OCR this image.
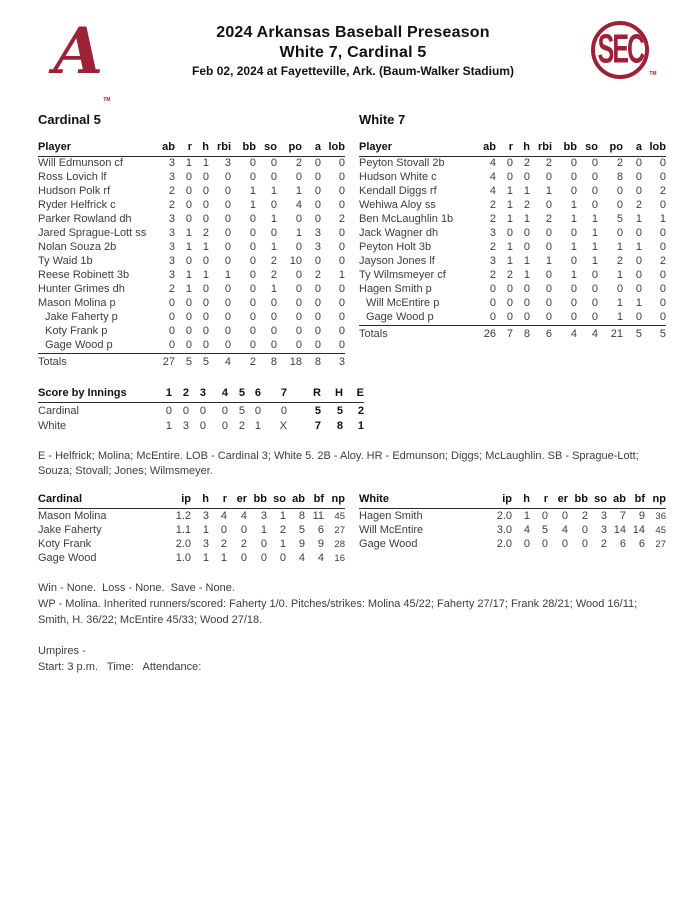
$A_{TM}$
2024 Arkansas Baseball Preseason
White 7, Cardinal 5
Feb 02, 2024 at Fayetteville, Ark. (Baum-Walker Stadium)	SEC
TM
Cardinal 5
Player	ab	r	h	rbi	bb	so	po	a	lob
Will Edmunson cf	3	1	1	3	0	0	2	0	0
Ross Lovich lf	3	0	0	0	0	0	0	0	0
Hudson Polk rf	2	0	0	0	1	1	1	0	0
Ryder Helfrick c	2	0	0	0	1	0	4	0	0
Parker Rowland dh	3	0	0	0	0	1	0	0	2
Jared Sprague-Lott ss	3	1	2	0	0	0	1	3	0
Nolan Souza 2b	3	1	1	0	0	1	0	3	0
Ty Waid 1b	3	0	0	0	0	2	10	0	0
Reese Robinett 3b	3	1	1	1	0	2	0	2	1
Hunter Grimes dh	2	1	0	0	0	1	0	0	0
Mason Molina p	0	0	0	0	0	0	0	0	0
Jake Faherty p	0	0	0	0	0	0	0	0	0
Koty Frank p	0	0	0	0	0	0	0	0	0
Gage Wood p	0	0	0	0	0	0	0	0	0
Totals	27	5	5	4	2	8	18	8	3
White 7
Player	ab	r	h	rbi	bb	so	po	a	lob
Peyton Stovall 2b	4	0	2	2	0	0	2	0	0
Hudson White c	4	0	0	0	0	0	8	0	0
Kendall Diggs rf	4	1	1	1	0	0	0	0	2
Wehiwa Aloy ss	2	1	2	0	1	0	0	2	0
Ben McLaughlin 1b	2	1	1	2	1	1	5	1	1
Jack Wagner dh	3	0	0	0	0	1	0	0	0
Peyton Holt 3b	2	1	0	0	1	1	1	1	0
Jayson Jones lf	3	1	1	1	0	1	2	0	2
Ty Wilmsmeyer cf	2	2	1	0	1	0	1	0	0
Hagen Smith p	0	0	0	0	0	0	0	0	0
Will McEntire p	0	0	0	0	0	0	1	1	0
Gage Wood p	0	0	0	0	0	0	1	0	0
Totals	26	7	8	6	4	4	21	5	5
Score by Innings	1	2	3	4	5	6	7	R	H	E
Cardinal	0	0	0	0	5	0	0	5	5	2
White	1	3	0	0	2	1	X	7	8	1

E - Helfrick; Molina; McEntire. LOB - Cardinal 3; White 5. 2B - Aloy. HR - Edmunson; Diggs; McLaughlin. SB - Sprague-Lott; Souza; Stovall; Jones; Wilmsmeyer.

Cardinal	ip	h	r	er	bb	so	ab	bf	np
Mason Molina	1.2	3	4	4	3	1	8	11	45
Jake Faherty	1.1	1	0	0	1	2	5	6	27
Koty Frank	2.0	3	2	2	0	1	9	9	28
Gage Wood	1.0	1	1	0	0	0	4	4	16
White	ip	h	r	er	bb	so	ab	bf	np
Hagen Smith	2.0	1	0	0	2	3	7	9	36
Will McEntire	3.0	4	5	4	0	3	14	14	45
Gage Wood	2.0	0	0	0	0	2	6	6	27

Win - None.  Loss - None.  Save - None.

WP - Molina. Inherited runners/scored: Faherty 1/0. Pitches/strikes: Molina 45/22; Faherty 27/17; Frank 28/21; Wood 16/11; Smith, H. 36/22; McEntire 45/33; Wood 27/18.

Umpires -

Start: 3 p.m.   Time:   Attendance:
